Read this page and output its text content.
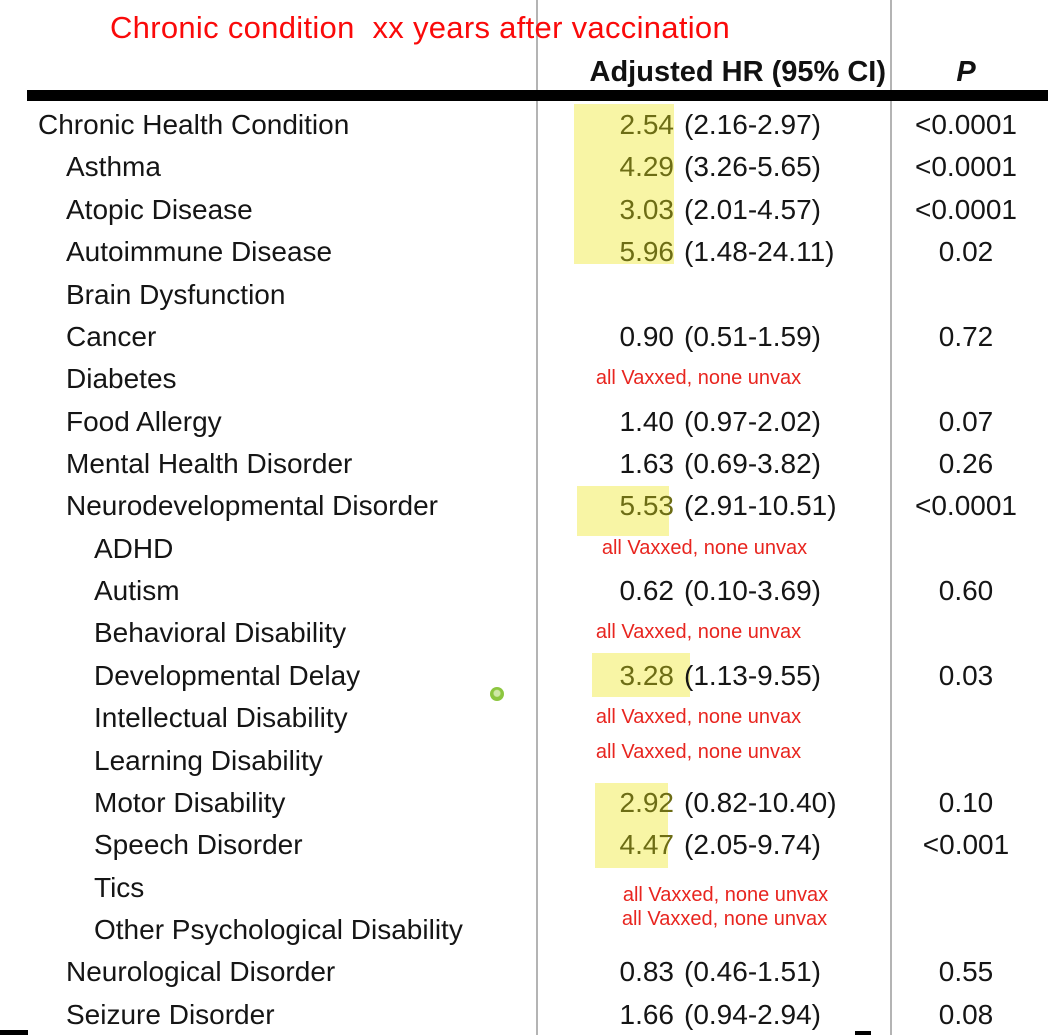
Chronic condition  xx years after vaccination
Adjusted HR (95% CI)	P
Chronic Health Condition	2.54 (2.16-2.97)	<0.0001
Asthma	4.29 (3.26-5.65)	<0.0001
Atopic Disease	3.03 (2.01-4.57)	<0.0001
Autoimmune Disease	5.96 (1.48-24.11)	0.02
Brain Dysfunction
Cancer	0.90 (0.51-1.59)	0.72
Diabetes	all Vaxxed, none unvax
Food Allergy	1.40 (0.97-2.02)	0.07
Mental Health Disorder	1.63 (0.69-3.82)	0.26
Neurodevelopmental Disorder	5.53 (2.91-10.51)	<0.0001
ADHD	all Vaxxed, none unvax
Autism	0.62 (0.10-3.69)	0.60
Behavioral Disability	all Vaxxed, none unvax
Developmental Delay	3.28 (1.13-9.55)	0.03
Intellectual Disability	all Vaxxed, none unvax
Learning Disability	all Vaxxed, none unvax
Motor Disability	2.92 (0.82-10.40)	0.10
Speech Disorder	4.47 (2.05-9.74)	<0.001
Tics	all Vaxxed, none unvax
Other Psychological Disability	all Vaxxed, none unvax
Neurological Disorder	0.83 (0.46-1.51)	0.55
Seizure Disorder	1.66 (0.94-2.94)	0.08
